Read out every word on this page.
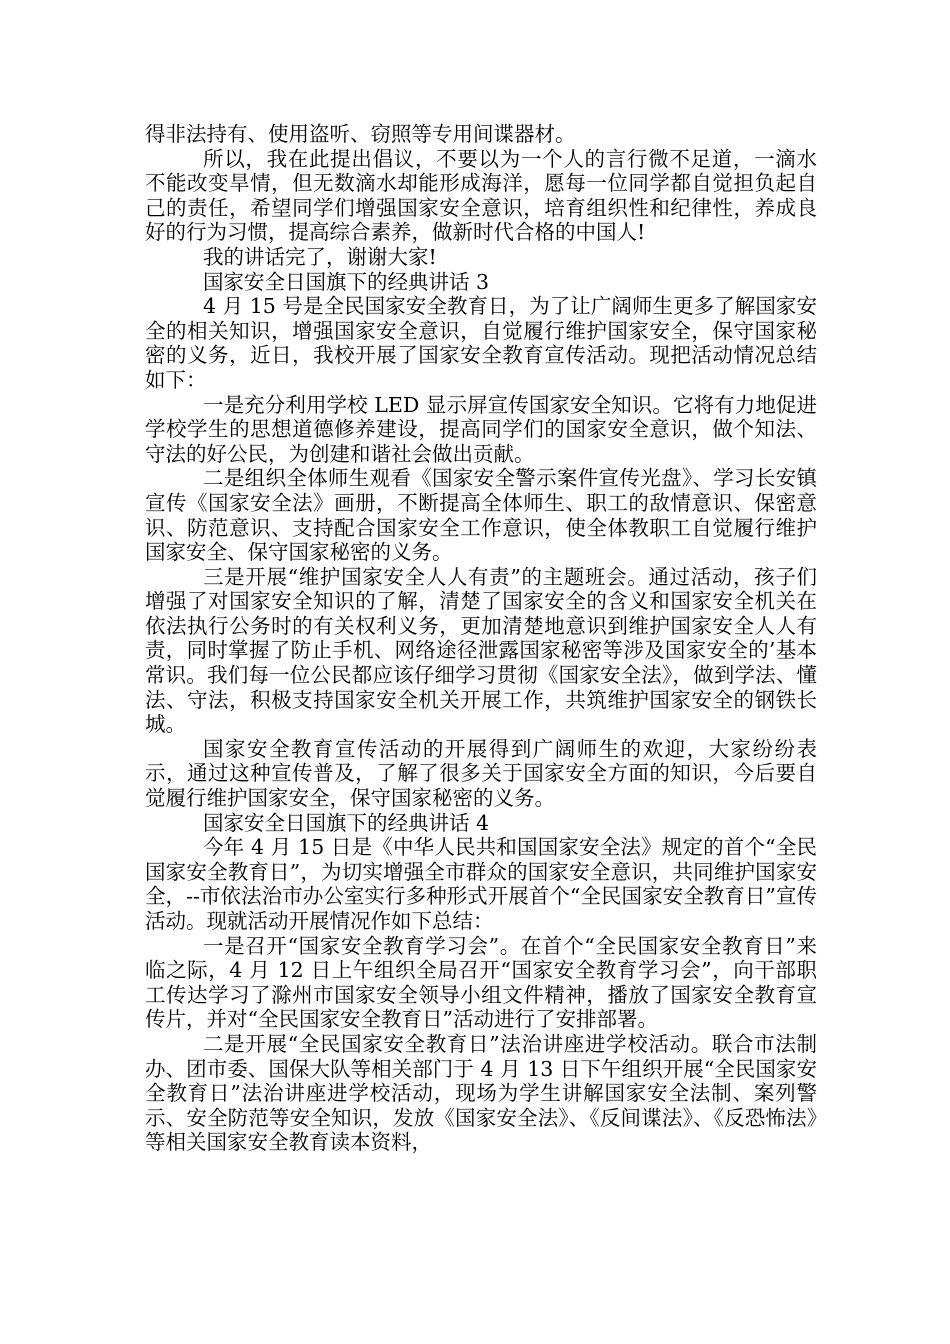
得非法持有、使用盗听、窃照等专用间谍器材。

所以，我在此提出倡议，不要以为一个人的言行微不足道，一滴水不能改变旱情，但无数滴水却能形成海洋，愿每一位同学都自觉担负起自己的责任，希望同学们增强国家安全意识，培育组织性和纪律性，养成良好的行为习惯，提高综合素养，做新时代合格的中国人!

我的讲话完了，谢谢大家!

国家安全日国旗下的经典讲话 3

4 月 15 号是全民国家安全教育日，为了让广阔师生更多了解国家安全的相关知识，增强国家安全意识，自觉履行维护国家安全，保守国家秘密的义务，近日，我校开展了国家安全教育宣传活动。现把活动情况总结如下：

一是充分利用学校 LED 显示屏宣传国家安全知识。它将有力地促进学校学生的思想道德修养建设，提高同学们的国家安全意识，做个知法、守法的好公民，为创建和谐社会做出贡献。

二是组织全体师生观看《国家安全警示案件宣传光盘》、学习长安镇宣传《国家安全法》画册，不断提高全体师生、职工的敌情意识、保密意识、防范意识、支持配合国家安全工作意识，使全体教职工自觉履行维护国家安全、保守国家秘密的义务。

三是开展“维护国家安全人人有责”的主题班会。通过活动，孩子们增强了对国家安全知识的了解，清楚了国家安全的含义和国家安全机关在依法执行公务时的有关权利义务，更加清楚地意识到维护国家安全人人有责，同时掌握了防止手机、网络途径泄露国家秘密等涉及国家安全的’基本常识。我们每一位公民都应该仔细学习贯彻《国家安全法》，做到学法、懂法、守法，积极支持国家安全机关开展工作，共筑维护国家安全的钢铁长城。

国家安全教育宣传活动的开展得到广阔师生的欢迎，大家纷纷表示，通过这种宣传普及，了解了很多关于国家安全方面的知识，今后要自觉履行维护国家安全，保守国家秘密的义务。

国家安全日国旗下的经典讲话 4

今年 4 月 15 日是《中华人民共和国国家安全法》规定的首个“全民国家安全教育日”，为切实增强全市群众的国家安全意识，共同维护国家安全，--市依法治市办公室实行多种形式开展首个“全民国家安全教育日”宣传活动。现就活动开展情况作如下总结：

一是召开“国家安全教育学习会”。在首个“全民国家安全教育日”来临之际，4 月 12 日上午组织全局召开“国家安全教育学习会”，向干部职工传达学习了滁州市国家安全领导小组文件精神，播放了国家安全教育宣传片，并对“全民国家安全教育日”活动进行了安排部署。

二是开展“全民国家安全教育日”法治讲座进学校活动。联合市法制办、团市委、国保大队等相关部门于 4 月 13 日下午组织开展“全民国家安全教育日”法治讲座进学校活动，现场为学生讲解国家安全法制、案列警示、安全防范等安全知识，发放《国家安全法》、《反间谍法》、《反恐怖法》等相关国家安全教育读本资料，
